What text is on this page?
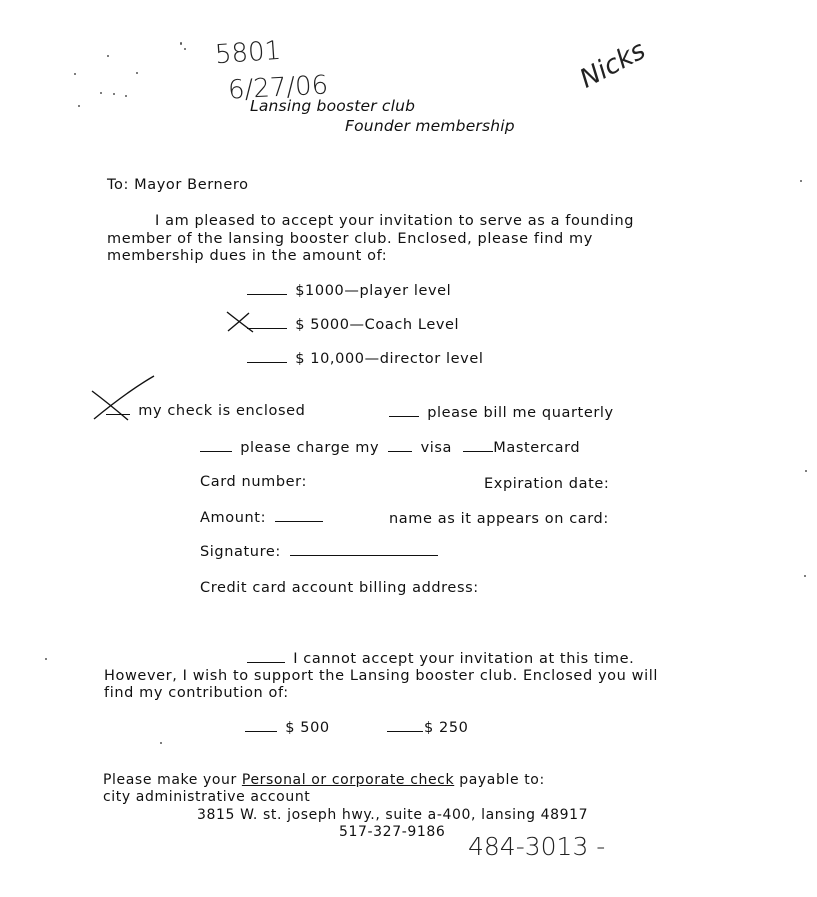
5801
6/27/06	Nicks
484-3013 -
Lansing booster club
Founder membership
To: Mayor Bernero
I am pleased to accept your invitation to serve as a founding
member of the lansing booster club. Enclosed, please find my
membership dues in the amount of:
$1000—player level
$ 5000—Coach Level
$ 10,000—director level
my check is enclosed	please bill me quarterly
please charge my	visa	Mastercard
Card number:	Expiration date:
Amount:	name as it appears on card:
Signature:
Credit card account billing address:
I cannot accept your invitation at this time.
However, I wish to support the Lansing booster club. Enclosed you will
find my contribution of:
$ 500	$ 250
Please make your Personal or corporate check payable to:
city administrative account
3815 W. st. joseph hwy., suite a-400, lansing 48917
517-327-9186
